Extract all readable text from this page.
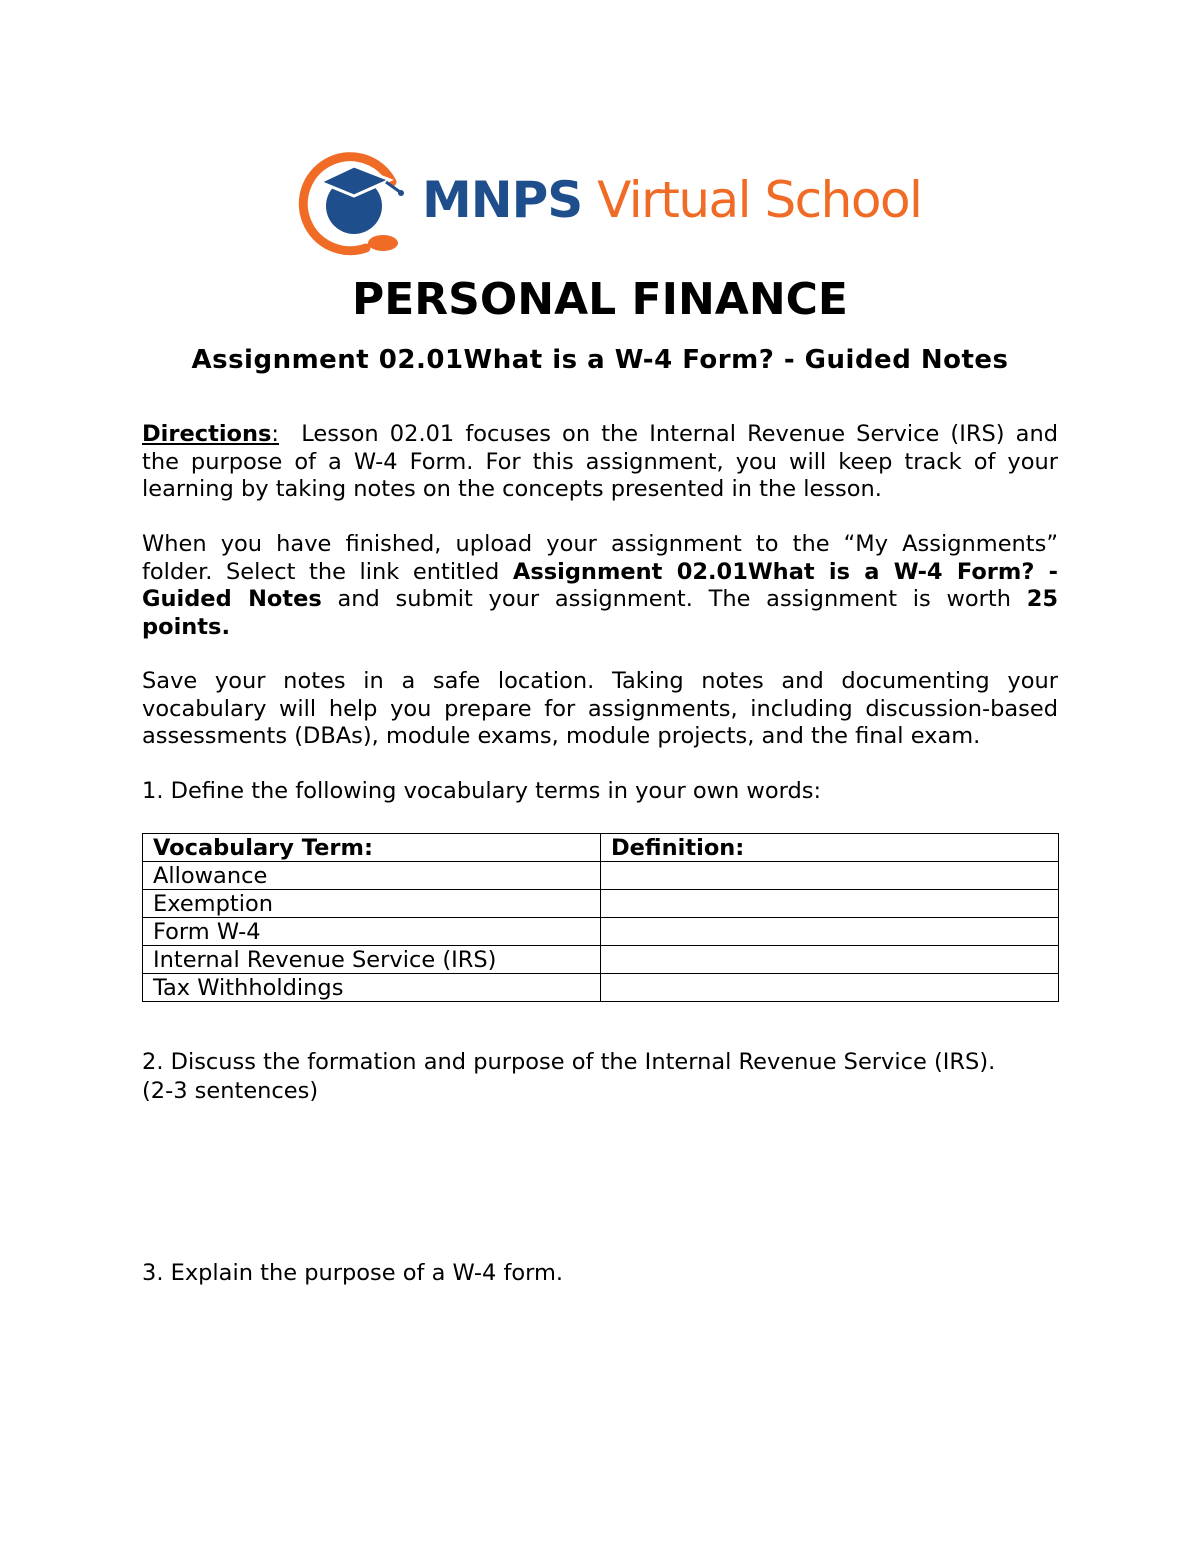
MNPS Virtual School
PERSONAL FINANCE
Assignment 02.01What is a W-4 Form? - Guided Notes
Directions:  Lesson 02.01 focuses on the Internal Revenue Service (IRS) and the purpose of a W-4 Form. For this assignment, you will keep track of your learning by taking notes on the concepts presented in the lesson.
When you have finished, upload your assignment to the “My Assignments” folder. Select the link entitled Assignment 02.01What is a W-4 Form? - Guided Notes and submit your assignment. The assignment is worth 25 points.
Save your notes in a safe location. Taking notes and documenting your vocabulary will help you prepare for assignments, including discussion-based assessments (DBAs), module exams, module projects, and the final exam.
1. Define the following vocabulary terms in your own words:
Vocabulary Term:	Definition:
Allowance	
Exemption	
Form W-4	
Internal Revenue Service (IRS)	
Tax Withholdings	
2. Discuss the formation and purpose of the Internal Revenue Service (IRS).
(2-3 sentences)
3. Explain the purpose of a W-4 form.
